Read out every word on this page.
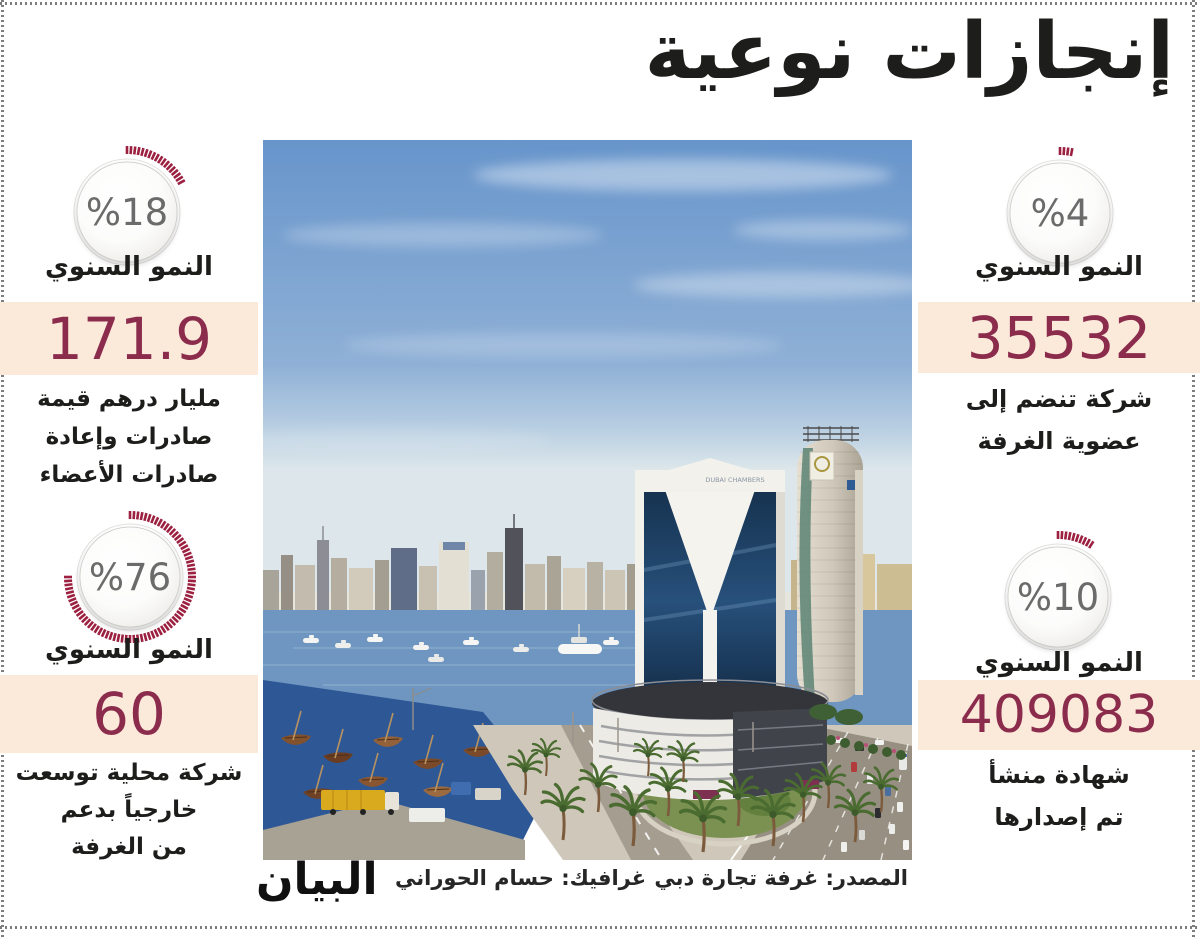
إنجازات نوعية
%18
النمو السنوي
171.9
مليار درهم قيمة
صادرات وإعادة
صادرات الأعضاء
%76
النمو السنوي
60
شركة محلية توسعت
خارجياً بدعم
من الغرفة
%4
النمو السنوي
35532
شركة تنضم إلى
عضوية الغرفة
%10
النمو السنوي
409083
شهادة منشأ
تم إصدارها
DUBAI CHAMBERS
المصدر: غرفة تجارة دبي
غرافيك: حسام الحوراني
البيان
